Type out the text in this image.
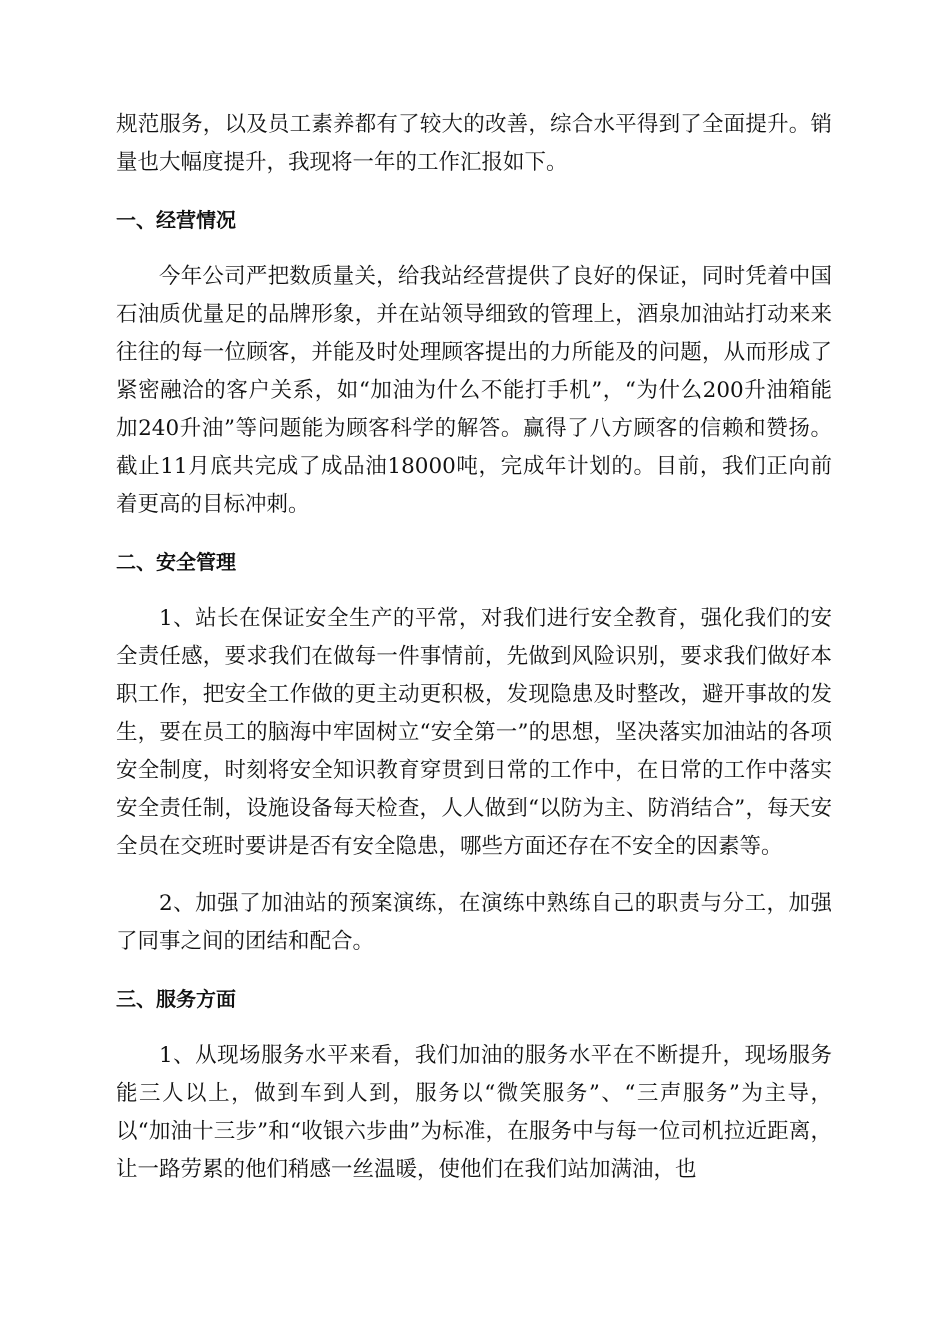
规范服务，以及员工素养都有了较大的改善，综合水平得到了全面提升。销量也大幅度提升，我现将一年的工作汇报如下。

一、经营情况

今年公司严把数质量关，给我站经营提供了良好的保证，同时凭着中国石油质优量足的品牌形象，并在站领导细致的管理上，酒泉加油站打动来来往往的每一位顾客，并能及时处理顾客提出的力所能及的问题，从而形成了紧密融洽的客户关系，如“加油为什么不能打手机”，“为什么200升油箱能加240升油”等问题能为顾客科学的解答。赢得了八方顾客的信赖和赞扬。截止11月底共完成了成品油18000吨，完成年计划的。目前，我们正向前着更高的目标冲刺。

二、安全管理

1、站长在保证安全生产的平常，对我们进行安全教育，强化我们的安全责任感，要求我们在做每一件事情前，先做到风险识别，要求我们做好本职工作，把安全工作做的更主动更积极，发现隐患及时整改，避开事故的发生，要在员工的脑海中牢固树立“安全第一”的思想，坚决落实加油站的各项安全制度，时刻将安全知识教育穿贯到日常的工作中，在日常的工作中落实安全责任制，设施设备每天检查，人人做到“以防为主、防消结合”，每天安全员在交班时要讲是否有安全隐患，哪些方面还存在不安全的因素等。

2、加强了加油站的预案演练，在演练中熟练自己的职责与分工，加强了同事之间的团结和配合。

三、服务方面

1、从现场服务水平来看，我们加油的服务水平在不断提升，现场服务能三人以上，做到车到人到，服务以“微笑服务”、“三声服务”为主导，以“加油十三步”和“收银六步曲”为标准，在服务中与每一位司机拉近距离，让一路劳累的他们稍感一丝温暖，使他们在我们站加满油，也
